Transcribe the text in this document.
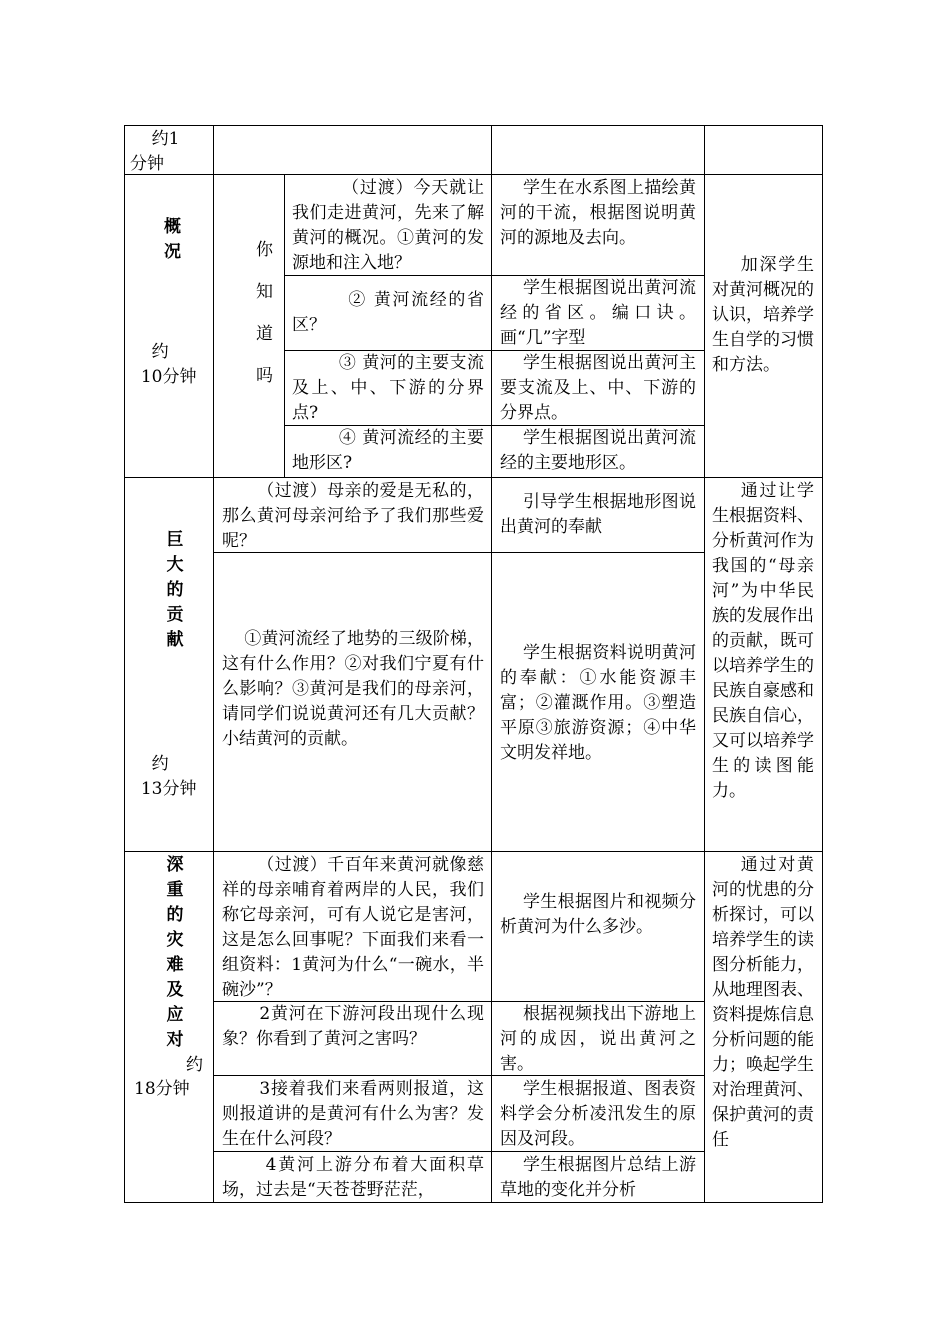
约1
分钟
概
况
约
10分钟
你

知

道

吗
（过渡）今天就让我们走进黄河，先来了解黄河的概况。①黄河的发源地和注入地？
学生在水系图上描绘黄河的干流，根据图说明黄河的源地及去向。
② 黄河流经的省区？
学生根据图说出黄河流经的省区。编口诀。画“几”字型
③ 黄河的主要支流及上、中、下游的分界点?
学生根据图说出黄河主要支流及上、中、下游的分界点。
④ 黄河流经的主要地形区?
学生根据图说出黄河流经的主要地形区。
加深学生对黄河概况的认识，培养学生自学的习惯和方法。
巨
大
的
贡
献
约
13分钟
（过渡）母亲的爱是无私的，那么黄河母亲河给予了我们那些爱呢？
引导学生根据地形图说出黄河的奉献
①黄河流经了地势的三级阶梯，这有什么作用？②对我们宁夏有什么影响？③黄河是我们的母亲河，请同学们说说黄河还有几大贡献？小结黄河的贡献。
学生根据资料说明黄河的奉献：①水能资源丰富；②灌溉作用。③塑造平原③旅游资源；④中华文明发祥地。
通过让学生根据资料、分析黄河作为我国的“母亲河”为中华民族的发展作出的贡献，既可以培养学生的民族自豪感和民族自信心，又可以培养学生的读图能力。
深
重
的
灾
难
及
应
对
约
18分钟
（过渡）千百年来黄河就像慈祥的母亲哺育着两岸的人民，我们称它母亲河，可有人说它是害河，这是怎么回事呢？下面我们来看一组资料：1黄河为什么“一碗水，半碗沙”？
学生根据图片和视频分析黄河为什么多沙。
2黄河在下游河段出现什么现象？你看到了黄河之害吗？
根据视频找出下游地上河的成因，说出黄河之害。
3接着我们来看两则报道，这则报道讲的是黄河有什么为害？发生在什么河段？
学生根据报道、图表资料学会分析凌汛发生的原因及河段。
4黄河上游分布着大面积草场，过去是“天苍苍野茫茫，
学生根据图片总结上游草地的变化并分析
通过对黄河的忧患的分析探讨，可以培养学生的读图分析能力，从地理图表、资料提炼信息分析问题的能力；唤起学生对治理黄河、保护黄河的责任
